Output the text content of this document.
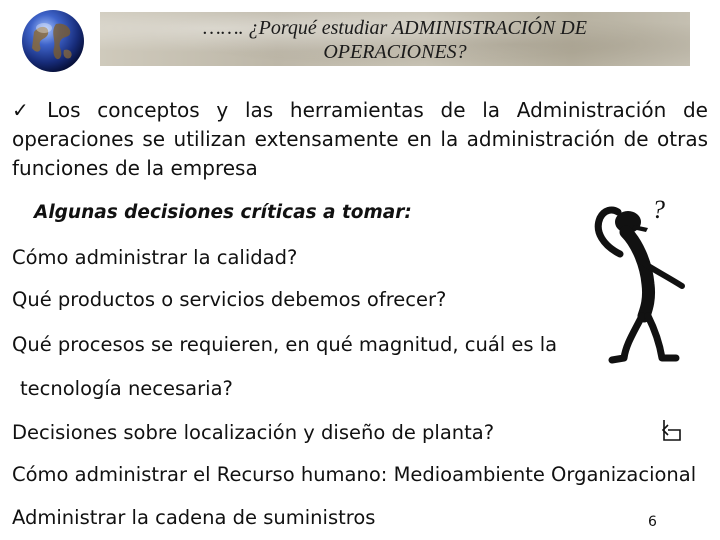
……. ¿Porqué estudiar ADMINISTRACIÓN DE
OPERACIONES?
✓ Los conceptos y las herramientas de la Administración de operaciones se utilizan extensamente en la administración de otras funciones de la empresa
Algunas decisiones críticas a tomar:
Cómo administrar la calidad?
Qué productos o servicios debemos ofrecer?
Qué procesos se requieren, en qué magnitud, cuál es la
tecnología necesaria?
Decisiones sobre localización y diseño de planta?
Cómo administrar el Recurso humano: Medioambiente Organizacional
Administrar la cadena de suministros
?
6
